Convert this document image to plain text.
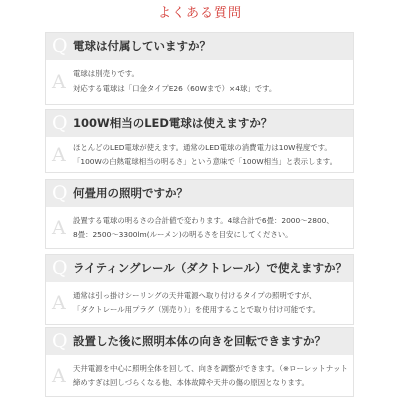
よくある質問
Q 電球は付属していますか？
A 電球は別売りです。
対応する電球は「口金タイプE26（60Wまで）×4球」です。
Q 100W相当のLED電球は使えますか？
A ほとんどのLED電球が使えます。通常のLED電球の消費電力は10W程度です。
「100Wの白熱電球相当の明るさ」という意味で「100W相当」と表示します。
Q 何畳用の照明ですか？
A 設置する電球の明るさの合計値で変わります。4球合計で6畳：2000〜2800、
8畳：2500〜3300lm(ルーメン)の明るさを目安にしてください。
Q ライティングレール（ダクトレール）で使えますか？
A 通常は引っ掛けシーリングの天井電源へ取り付けるタイプの照明ですが、
「ダクトレール用プラグ（別売り）」を使用することで取り付け可能です。
Q 設置した後に照明本体の向きを回転できますか？
A 天井電源を中心に照明全体を回して、向きを調整ができます。（※ローレットナット
締めすぎは回しづらくなる他、本体故障や天井の傷の原因となります。
